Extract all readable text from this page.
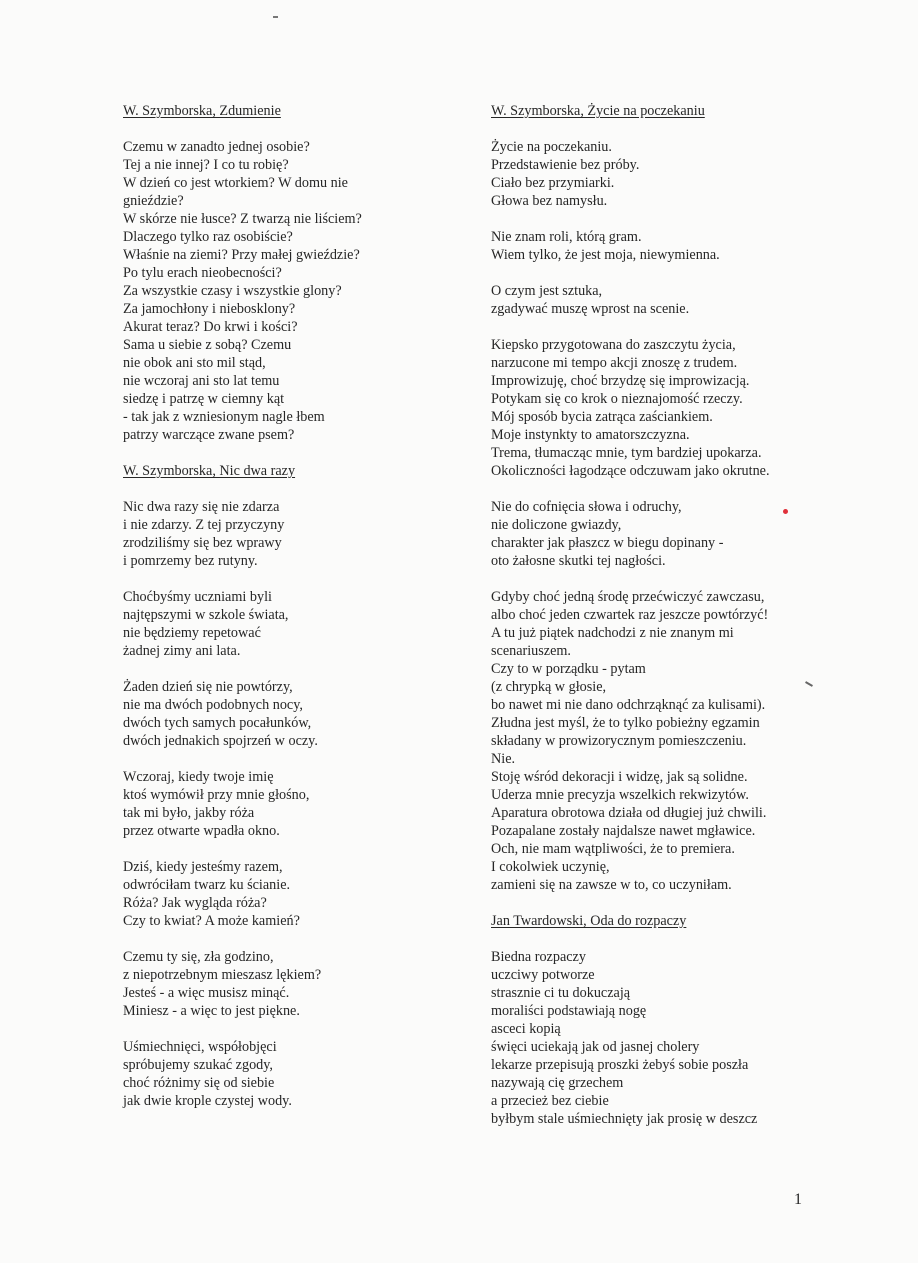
W. Szymborska, Zdumienie
Czemu w zanadto jednej osobie?
Tej a nie innej? I co tu robię?
W dzień co jest wtorkiem? W domu nie
gnieździe?
W skórze nie łusce? Z twarzą nie liściem?
Dlaczego tylko raz osobiście?
Właśnie na ziemi? Przy małej gwieździe?
Po tylu erach nieobecności?
Za wszystkie czasy i wszystkie glony?
Za jamochłony i niebosklony?
Akurat teraz? Do krwi i kości?
Sama u siebie z sobą? Czemu
nie obok ani sto mil stąd,
nie wczoraj ani sto lat temu
siedzę i patrzę w ciemny kąt
- tak jak z wzniesionym nagle łbem
patrzy warczące zwane psem?
W. Szymborska, Nic dwa razy
Nic dwa razy się nie zdarza
i nie zdarzy. Z tej przyczyny
zrodziliśmy się bez wprawy
i pomrzemy bez rutyny.
Choćbyśmy uczniami byli
najtępszymi w szkole świata,
nie będziemy repetować
żadnej zimy ani lata.
Żaden dzień się nie powtórzy,
nie ma dwóch podobnych nocy,
dwóch tych samych pocałunków,
dwóch jednakich spojrzeń w oczy.
Wczoraj, kiedy twoje imię
ktoś wymówił przy mnie głośno,
tak mi było, jakby róża
przez otwarte wpadła okno.
Dziś, kiedy jesteśmy razem,
odwróciłam twarz ku ścianie.
Róża? Jak wygląda róża?
Czy to kwiat? A może kamień?
Czemu ty się, zła godzino,
z niepotrzebnym mieszasz lękiem?
Jesteś - a więc musisz minąć.
Miniesz - a więc to jest piękne.
Uśmiechnięci, współobjęci
spróbujemy szukać zgody,
choć różnimy się od siebie
jak dwie krople czystej wody.
W. Szymborska, Życie na poczekaniu
Życie na poczekaniu.
Przedstawienie bez próby.
Ciało bez przymiarki.
Głowa bez namysłu.
Nie znam roli, którą gram.
Wiem tylko, że jest moja, niewymienna.
O czym jest sztuka,
zgadywać muszę wprost na scenie.
Kiepsko przygotowana do zaszczytu życia,
narzucone mi tempo akcji znoszę z trudem.
Improwizuję, choć brzydzę się improwizacją.
Potykam się co krok o nieznajomość rzeczy.
Mój sposób bycia zatrąca zaściankiem.
Moje instynkty to amatorszczyzna.
Trema, tłumacząc mnie, tym bardziej upokarza.
Okoliczności łagodzące odczuwam jako okrutne.
Nie do cofnięcia słowa i odruchy,
nie doliczone gwiazdy,
charakter jak płaszcz w biegu dopinany -
oto żałosne skutki tej nagłości.
Gdyby choć jedną środę przećwiczyć zawczasu,
albo choć jeden czwartek raz jeszcze powtórzyć!
A tu już piątek nadchodzi z nie znanym mi
scenariuszem.
Czy to w porządku - pytam
(z chrypką w głosie,
bo nawet mi nie dano odchrząknąć za kulisami).
Złudna jest myśl, że to tylko pobieżny egzamin
składany w prowizorycznym pomieszczeniu.
Nie.
Stoję wśród dekoracji i widzę, jak są solidne.
Uderza mnie precyzja wszelkich rekwizytów.
Aparatura obrotowa działa od długiej już chwili.
Pozapalane zostały najdalsze nawet mgławice.
Och, nie mam wątpliwości, że to premiera.
I cokolwiek uczynię,
zamieni się na zawsze w to, co uczyniłam.
Jan Twardowski, Oda do rozpaczy
Biedna rozpaczy
uczciwy potworze
strasznie ci tu dokuczają
moraliści podstawiają nogę
asceci kopią
święci uciekają jak od jasnej cholery
lekarze przepisują proszki żebyś sobie poszła
nazywają cię grzechem
a przecież bez ciebie
byłbym stale uśmiechnięty jak prosię w deszcz
1
